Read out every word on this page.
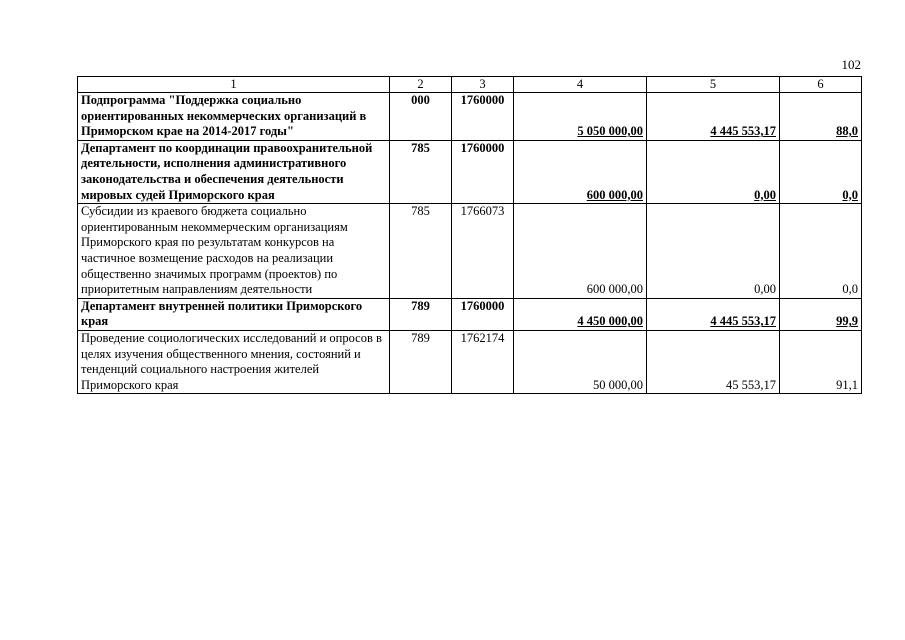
102
1	2	3	4	5	6
Подпрограмма "Поддержка социально ориентированных некоммерческих организаций в Приморском крае на 2014-2017 годы"	000	1760000	5 050 000,00	4 445 553,17	88,0
Департамент по координации правоохранительной деятельности, исполнения административного законодательства и обеспечения деятельности мировых судей Приморского края	785	1760000	600 000,00	0,00	0,0
Субсидии из краевого бюджета социально ориентированным некоммерческим организациям Приморского края по результатам конкурсов на частичное возмещение расходов на реализации общественно значимых программ (проектов) по приоритетным направлениям деятельности	785	1766073	600 000,00	0,00	0,0
Департамент внутренней политики Приморского края	789	1760000	4 450 000,00	4 445 553,17	99,9
Проведение социологических исследований и опросов в целях изучения общественного мнения, состояний и тенденций социального настроения жителей Приморского края	789	1762174	50 000,00	45 553,17	91,1
